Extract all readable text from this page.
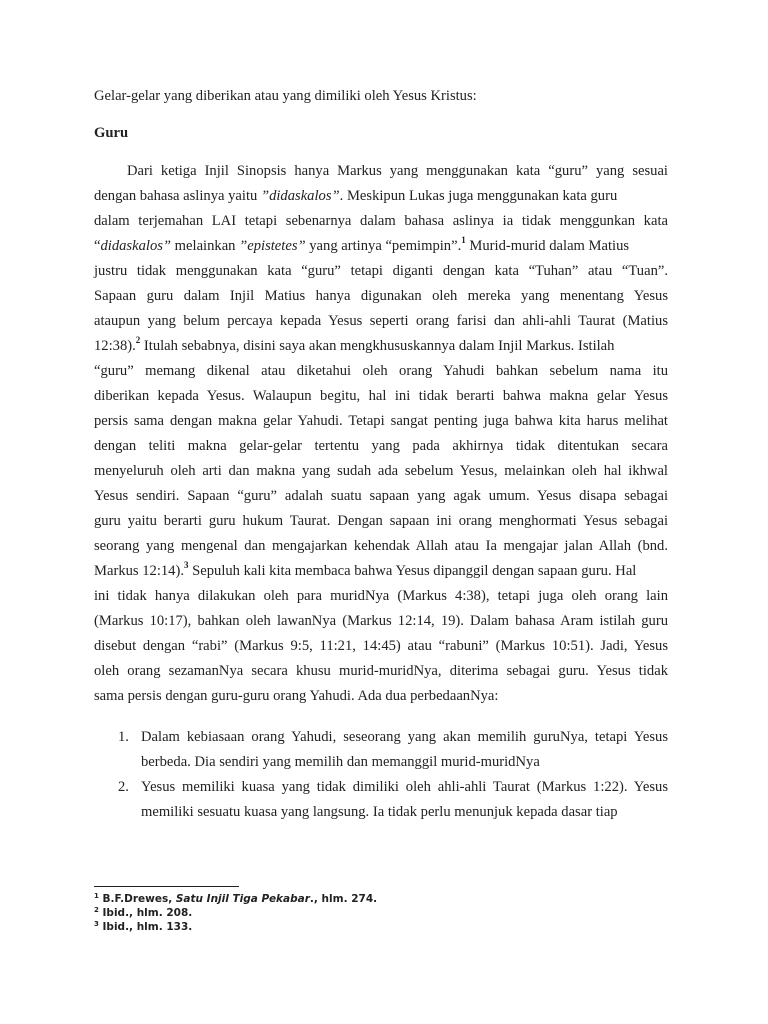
Gelar-gelar yang diberikan atau yang dimiliki oleh Yesus Kristus:
Guru
Dari ketiga Injil Sinopsis hanya Markus yang menggunakan kata “guru” yang sesuai
dengan bahasa aslinya yaitu ”didaskalos”. Meskipun Lukas juga menggunakan kata guru
dalam terjemahan LAI tetapi sebenarnya dalam bahasa aslinya ia tidak menggunkan kata
“didaskalos” melainkan ”epistetes” yang artinya “pemimpin”.$^1$ Murid-murid dalam Matius
justru tidak menggunakan kata “guru” tetapi diganti dengan kata “Tuhan” atau “Tuan”.
Sapaan guru dalam Injil Matius hanya digunakan oleh mereka yang menentang Yesus
ataupun yang belum percaya kepada Yesus seperti orang farisi dan ahli-ahli Taurat (Matius
12:38).$^2$ Itulah sebabnya, disini saya akan mengkhususkannya dalam Injil Markus. Istilah
“guru” memang dikenal atau diketahui oleh orang Yahudi bahkan sebelum nama itu
diberikan kepada Yesus. Walaupun begitu, hal ini tidak berarti bahwa makna gelar Yesus
persis sama dengan makna gelar Yahudi. Tetapi sangat penting juga bahwa kita harus melihat
dengan teliti makna gelar-gelar tertentu yang pada akhirnya tidak ditentukan secara
menyeluruh oleh arti dan makna yang sudah ada sebelum Yesus, melainkan oleh hal ikhwal
Yesus sendiri. Sapaan “guru” adalah suatu sapaan yang agak umum. Yesus disapa sebagai
guru yaitu berarti guru hukum Taurat. Dengan sapaan ini orang menghormati Yesus sebagai
seorang yang mengenal dan mengajarkan kehendak Allah atau Ia mengajar jalan Allah (bnd.
Markus 12:14).$^3$ Sepuluh kali kita membaca bahwa Yesus dipanggil dengan sapaan guru. Hal
ini tidak hanya dilakukan oleh para muridNya (Markus 4:38), tetapi juga oleh orang lain
(Markus 10:17), bahkan oleh lawanNya (Markus 12:14, 19). Dalam bahasa Aram istilah guru
disebut dengan “rabi” (Markus 9:5, 11:21, 14:45) atau “rabuni” (Markus 10:51). Jadi, Yesus
oleh orang sezamanNya secara khusu murid-muridNya, diterima sebagai guru. Yesus tidak
sama persis dengan guru-guru orang Yahudi. Ada dua perbedaanNya:
1. Dalam kebiasaan orang Yahudi, seseorang yang akan memilih guruNya, tetapi Yesus
berbeda. Dia sendiri yang memilih dan memanggil murid-muridNya
2. Yesus memiliki kuasa yang tidak dimiliki oleh ahli-ahli Taurat (Markus 1:22). Yesus
memiliki sesuatu kuasa yang langsung. Ia tidak perlu menunjuk kepada dasar tiap
$^1$ B.F.Drewes, Satu Injil Tiga Pekabar., hlm. 274.
$^2$ Ibid., hlm. 208.
$^3$ Ibid., hlm. 133.
